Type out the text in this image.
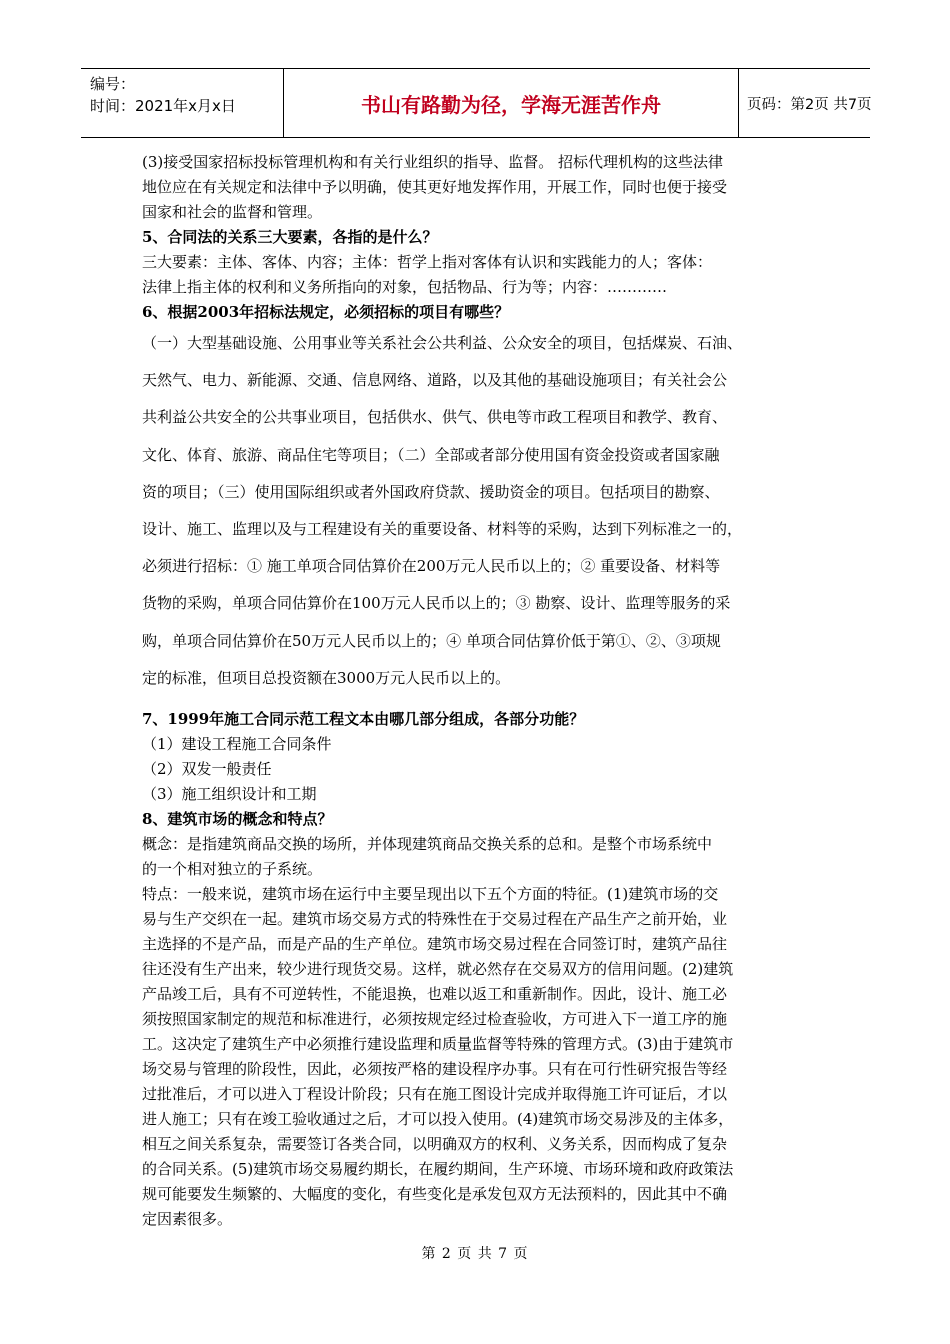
编号：
时间：2021年x月x日	书山有路勤为径，学海无涯苦作舟	页码：第2页 共7页
(3)接受国家招标投标管理机构和有关行业组织的指导、监督。 招标代理机构的这些法律
地位应在有关规定和法律中予以明确，使其更好地发挥作用，开展工作，同时也便于接受
国家和社会的监督和管理。
5、合同法的关系三大要素，各指的是什么？
三大要素：主体、客体、内容；主体：哲学上指对客体有认识和实践能力的人；客体：
法律上指主体的权利和义务所指向的对象，包括物品、行为等；内容：…………
6、根据2003年招标法规定，必须招标的项目有哪些？
（一）大型基础设施、公用事业等关系社会公共利益、公众安全的项目，包括煤炭、石油、
天然气、电力、新能源、交通、信息网络、道路，以及其他的基础设施项目；有关社会公
共利益公共安全的公共事业项目，包括供水、供气、供电等市政工程项目和教学、教育、
文化、体育、旅游、商品住宅等项目；（二）全部或者部分使用国有资金投资或者国家融
资的项目；（三）使用国际组织或者外国政府贷款、援助资金的项目。包括项目的勘察、
设计、施工、监理以及与工程建设有关的重要设备、材料等的采购，达到下列标准之一的，
必须进行招标：① 施工单项合同估算价在200万元人民币以上的；② 重要设备、材料等
货物的采购，单项合同估算价在100万元人民币以上的；③ 勘察、设计、监理等服务的采
购，单项合同估算价在50万元人民币以上的；④ 单项合同估算价低于第①、②、③项规
定的标准，但项目总投资额在3000万元人民币以上的。
7、1999年施工合同示范工程文本由哪几部分组成，各部分功能？
（1）建设工程施工合同条件
（2）双发一般责任
（3）施工组织设计和工期
8、建筑市场的概念和特点？
概念：是指建筑商品交换的场所，并体现建筑商品交换关系的总和。是整个市场系统中
的一个相对独立的子系统。
特点：一般来说，建筑市场在运行中主要呈现出以下五个方面的特征。(1)建筑市场的交
易与生产交织在一起。建筑市场交易方式的特殊性在于交易过程在产品生产之前开始，业
主选择的不是产品，而是产品的生产单位。建筑市场交易过程在合同签订时，建筑产品往
往还没有生产出来，较少进行现货交易。这样，就必然存在交易双方的信用问题。(2)建筑
产品竣工后，具有不可逆转性，不能退换，也难以返工和重新制作。因此，设计、施工必
须按照国家制定的规范和标准进行，必须按规定经过检查验收，方可进入下一道工序的施
工。这决定了建筑生产中必须推行建设监理和质量监督等特殊的管理方式。(3)由于建筑市
场交易与管理的阶段性，因此，必须按严格的建设程序办事。只有在可行性研究报告等经
过批准后，才可以进入丁程设计阶段；只有在施工图设计完成并取得施工许可证后，才以
进人施工；只有在竣工验收通过之后，才可以投入使用。(4)建筑市场交易涉及的主体多，
相互之间关系复杂，需要签订各类合同，以明确双方的权利、义务关系，因而构成了复杂
的合同关系。(5)建筑市场交易履约期长，在履约期间，生产环境、市场环境和政府政策法
规可能要发生频繁的、大幅度的变化，有些变化是承发包双方无法预料的，因此其中不确
定因素很多。
第 2 页 共 7 页
